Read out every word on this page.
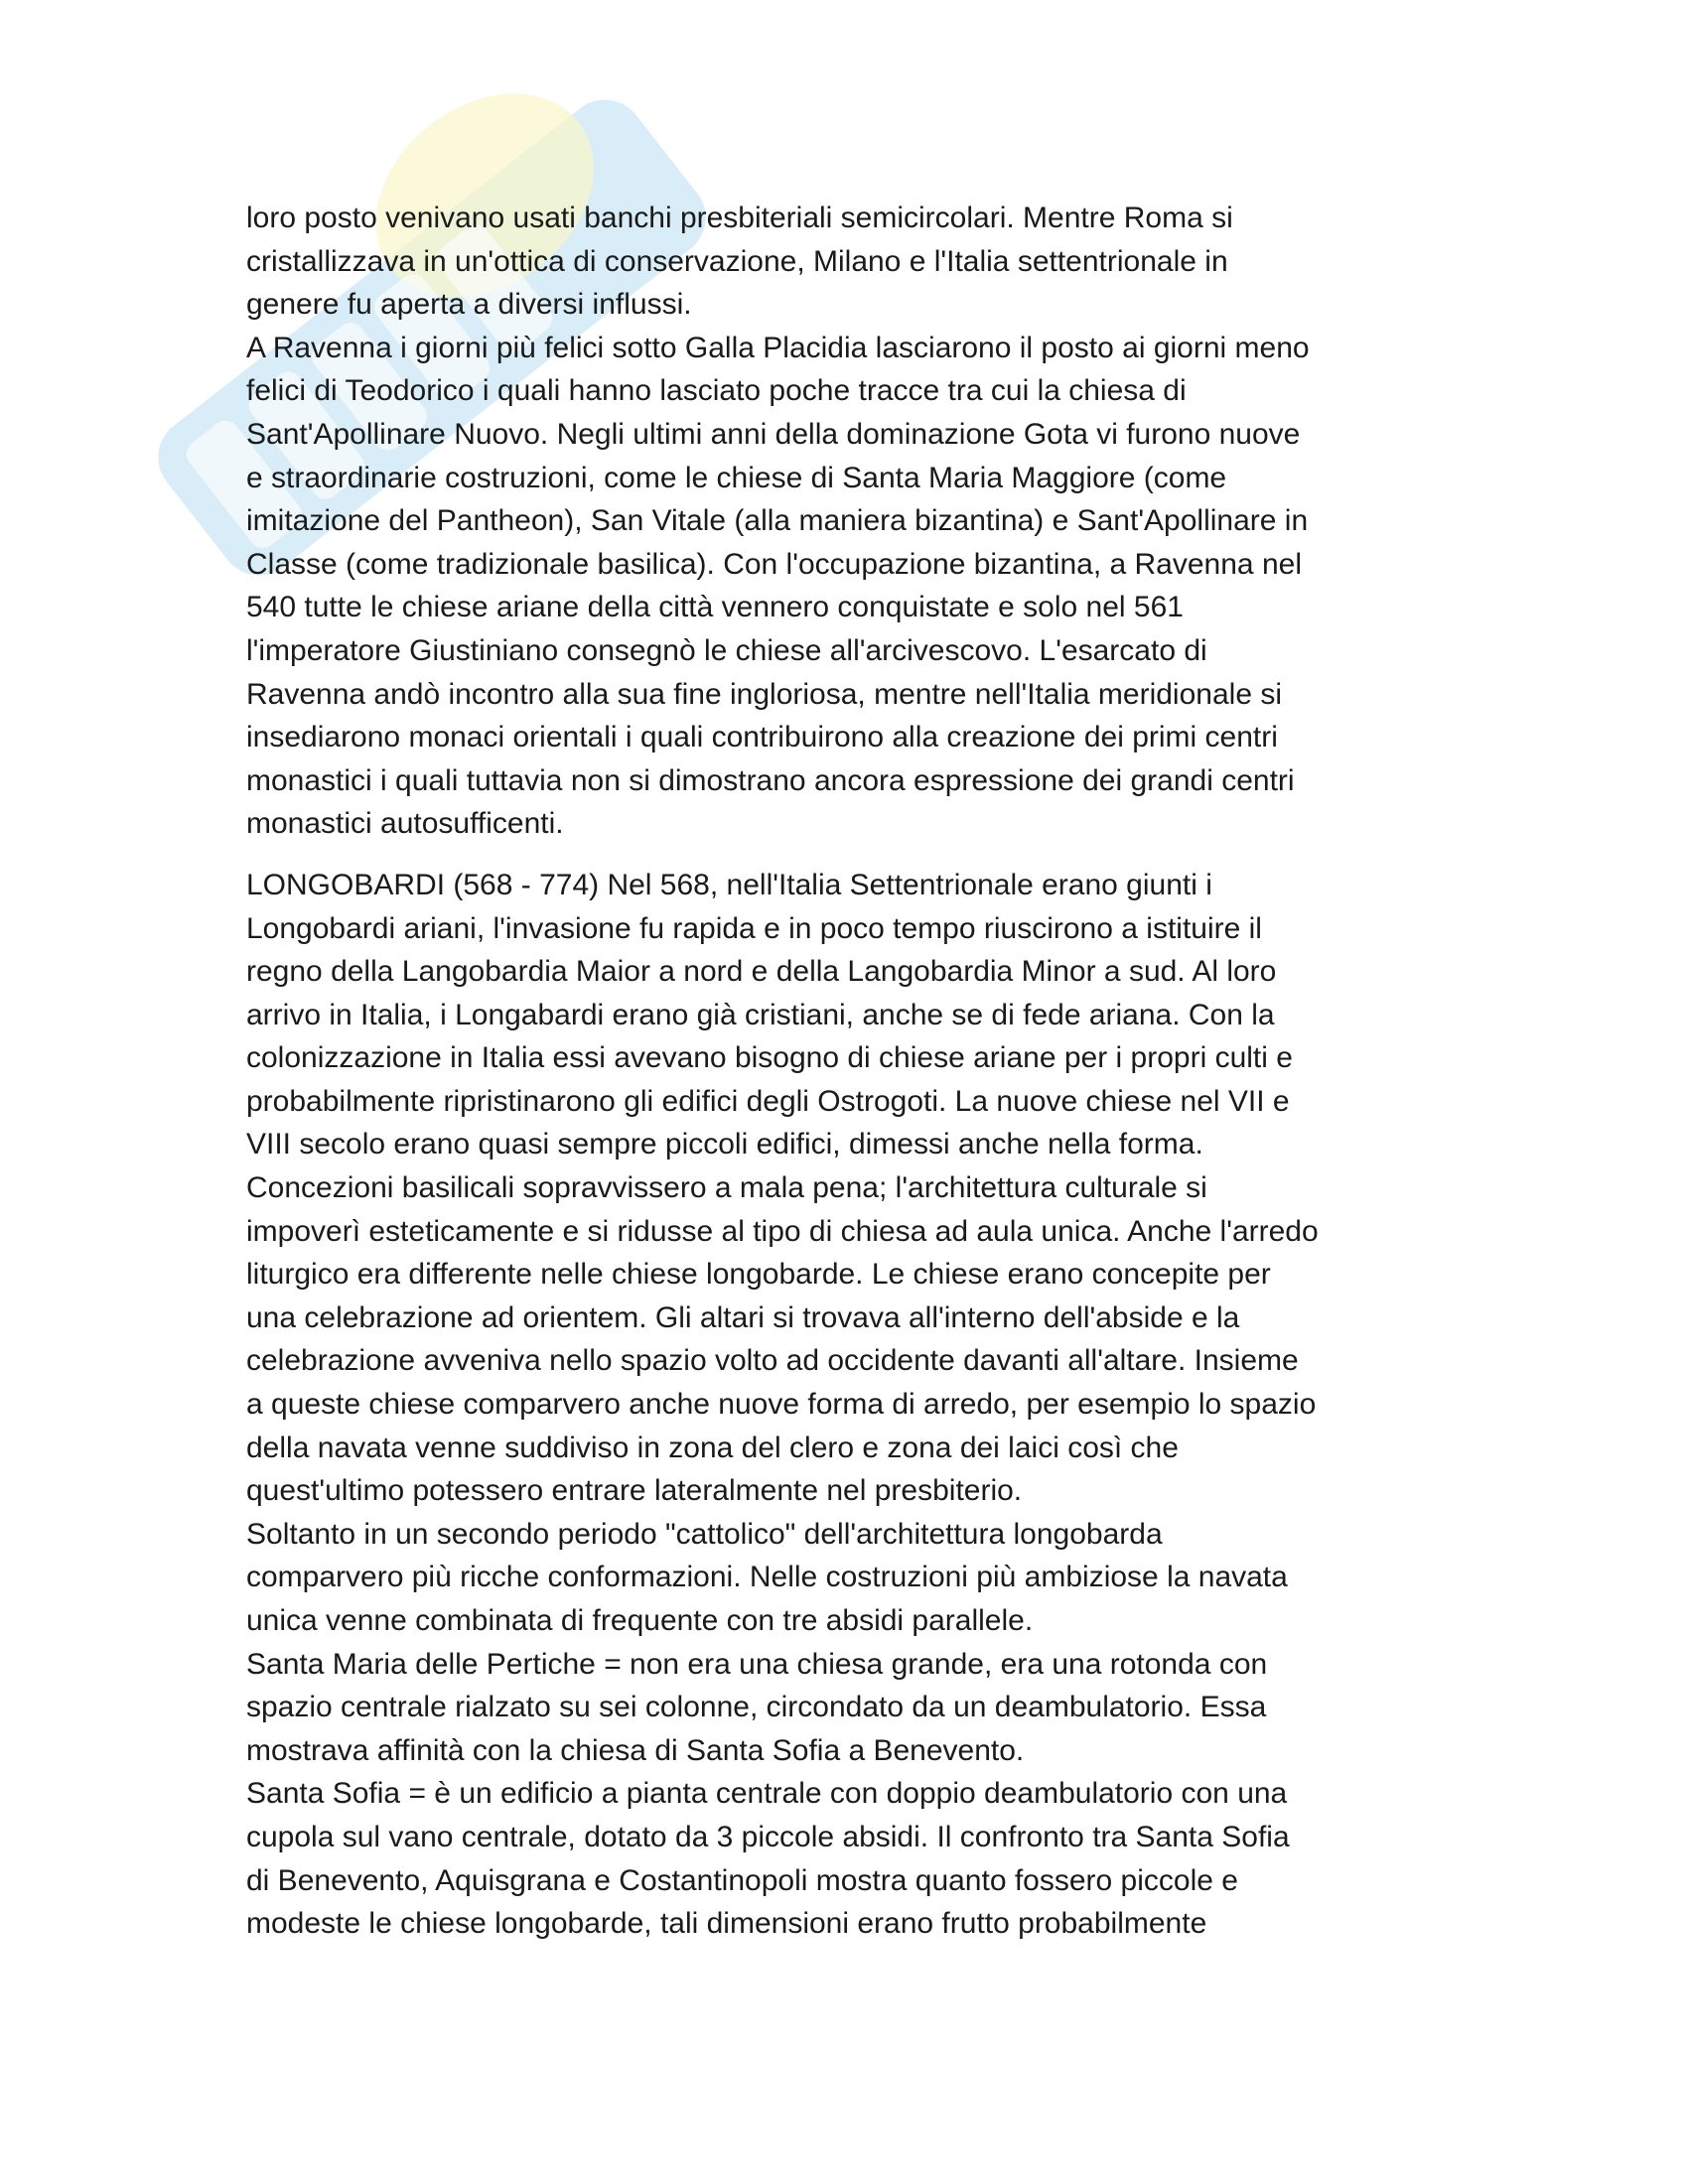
loro posto venivano usati banchi presbiteriali semicircolari. Mentre Roma si

cristallizzava in un'ottica di conservazione, Milano e l'Italia settentrionale in

genere fu aperta a diversi influssi.

A Ravenna i giorni più felici sotto Galla Placidia lasciarono il posto ai giorni meno

felici di Teodorico i quali hanno lasciato poche tracce tra cui la chiesa di

Sant'Apollinare Nuovo. Negli ultimi anni della dominazione Gota vi furono nuove

e straordinarie costruzioni, come le chiese di Santa Maria Maggiore (come

imitazione del Pantheon), San Vitale (alla maniera bizantina) e Sant'Apollinare in

Classe (come tradizionale basilica). Con l'occupazione bizantina, a Ravenna nel

540 tutte le chiese ariane della città vennero conquistate e solo nel 561

l'imperatore Giustiniano consegnò le chiese all'arcivescovo. L'esarcato di

Ravenna andò incontro alla sua fine ingloriosa, mentre nell'Italia meridionale si

insediarono monaci orientali i quali contribuirono alla creazione dei primi centri

monastici i quali tuttavia non si dimostrano ancora espressione dei grandi centri

monastici autosufficenti.

LONGOBARDI (568 - 774) Nel 568, nell'Italia Settentrionale erano giunti i

Longobardi ariani, l'invasione fu rapida e in poco tempo riuscirono a istituire il

regno della Langobardia Maior a nord e della Langobardia Minor a sud. Al loro

arrivo in Italia, i Longabardi erano già cristiani, anche se di fede ariana. Con la

colonizzazione in Italia essi avevano bisogno di chiese ariane per i propri culti e

probabilmente ripristinarono gli edifici degli Ostrogoti. La nuove chiese nel VII e

VIII secolo erano quasi sempre piccoli edifici, dimessi anche nella forma.

Concezioni basilicali sopravvissero a mala pena; l'architettura culturale si

impoverì esteticamente e si ridusse al tipo di chiesa ad aula unica. Anche l'arredo

liturgico era differente nelle chiese longobarde. Le chiese erano concepite per

una celebrazione ad orientem. Gli altari si trovava all'interno dell'abside e la

celebrazione avveniva nello spazio volto ad occidente davanti all'altare. Insieme

a queste chiese comparvero anche nuove forma di arredo, per esempio lo spazio

della navata venne suddiviso in zona del clero e zona dei laici così che

quest'ultimo potessero entrare lateralmente nel presbiterio.

Soltanto in un secondo periodo "cattolico" dell'architettura longobarda

comparvero più ricche conformazioni. Nelle costruzioni più ambiziose la navata

unica venne combinata di frequente con tre absidi parallele.

Santa Maria delle Pertiche = non era una chiesa grande, era una rotonda con

spazio centrale rialzato su sei colonne, circondato da un deambulatorio. Essa

mostrava affinità con la chiesa di Santa Sofia a Benevento.

Santa Sofia = è un edificio a pianta centrale con doppio deambulatorio con una

cupola sul vano centrale, dotato da 3 piccole absidi. Il confronto tra Santa Sofia

di Benevento, Aquisgrana e Costantinopoli mostra quanto fossero piccole e

modeste le chiese longobarde, tali dimensioni erano frutto probabilmente
